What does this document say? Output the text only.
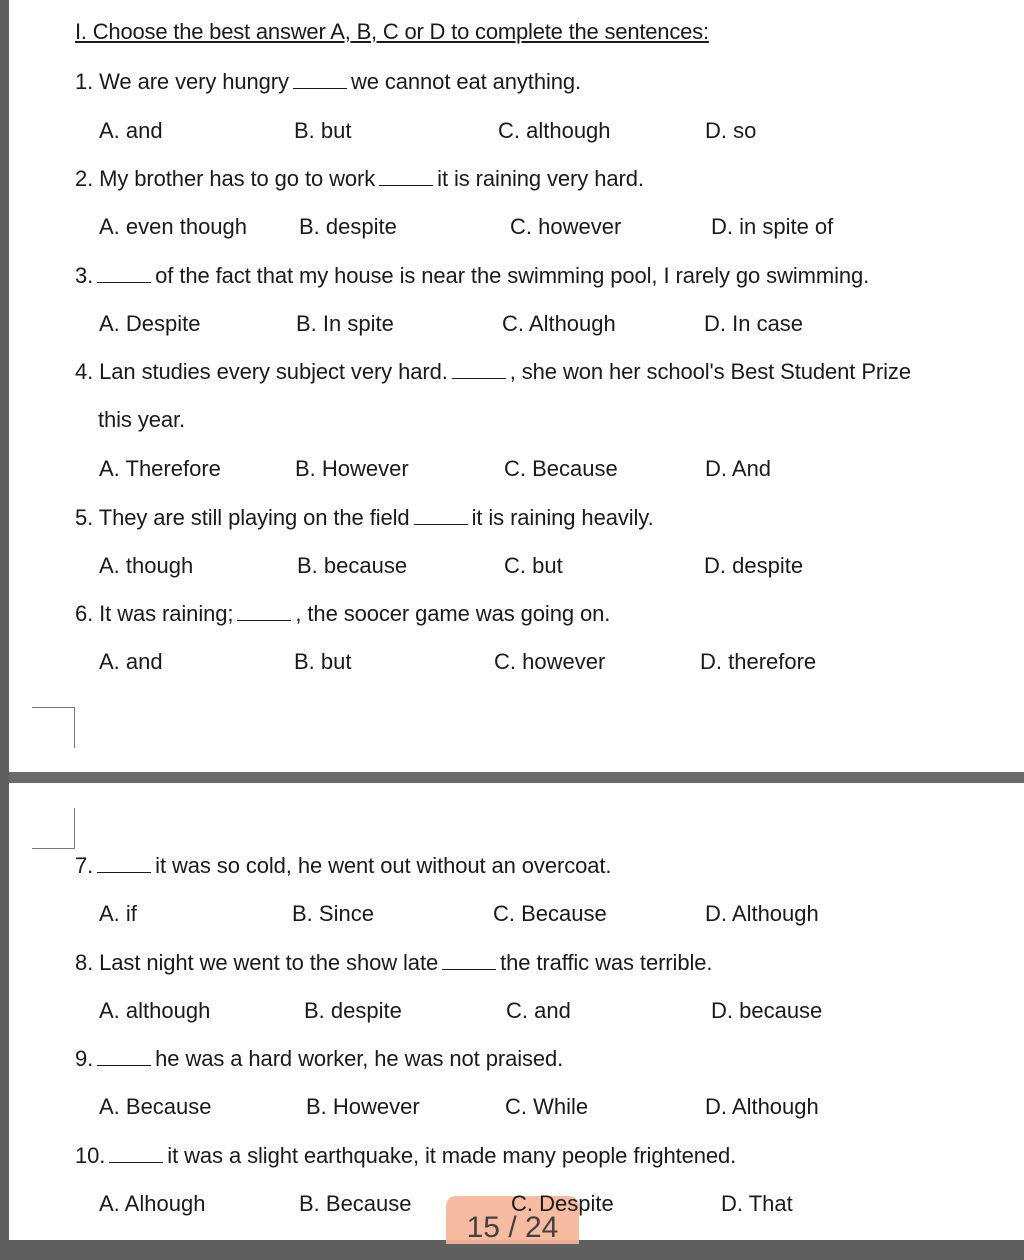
I. Choose the best answer A, B, C or D to complete the sentences:
1. We are very hungry	we cannot eat anything.
A. and	B. but	C. although	D. so
2. My brother has to go to work	it is raining very hard.
A. even though B. despite	C. however	D. in spite of
3.	of the fact that my house is near the swimming pool, I rarely go swimming.
A. Despite	B. In spite	C. Although	D. In case
4. Lan studies every subject very hard.	, she won her school's Best Student Prize
this year.
A. Therefore	B. However	C. Because	D. And
5. They are still playing on the field	it is raining heavily.
A. though	B. because	C. but	D. despite
6. It was raining;	, the soocer game was going on.
A. and	B. but	C. however	D. therefore
7.	it was so cold, he went out without an overcoat.
A. if	B. Since	C. Because	D. Although
8. Last night we went to the show late	the traffic was terrible.
A. although	B. despite	C. and	D. because
9.	he was a hard worker, he was not praised.
A. Because	B. However	C. While	D. Although
10.	it was a slight earthquake, it made many people frightened.
15 / 24
A. Alhough	B. Because	C. Despite	D. That
